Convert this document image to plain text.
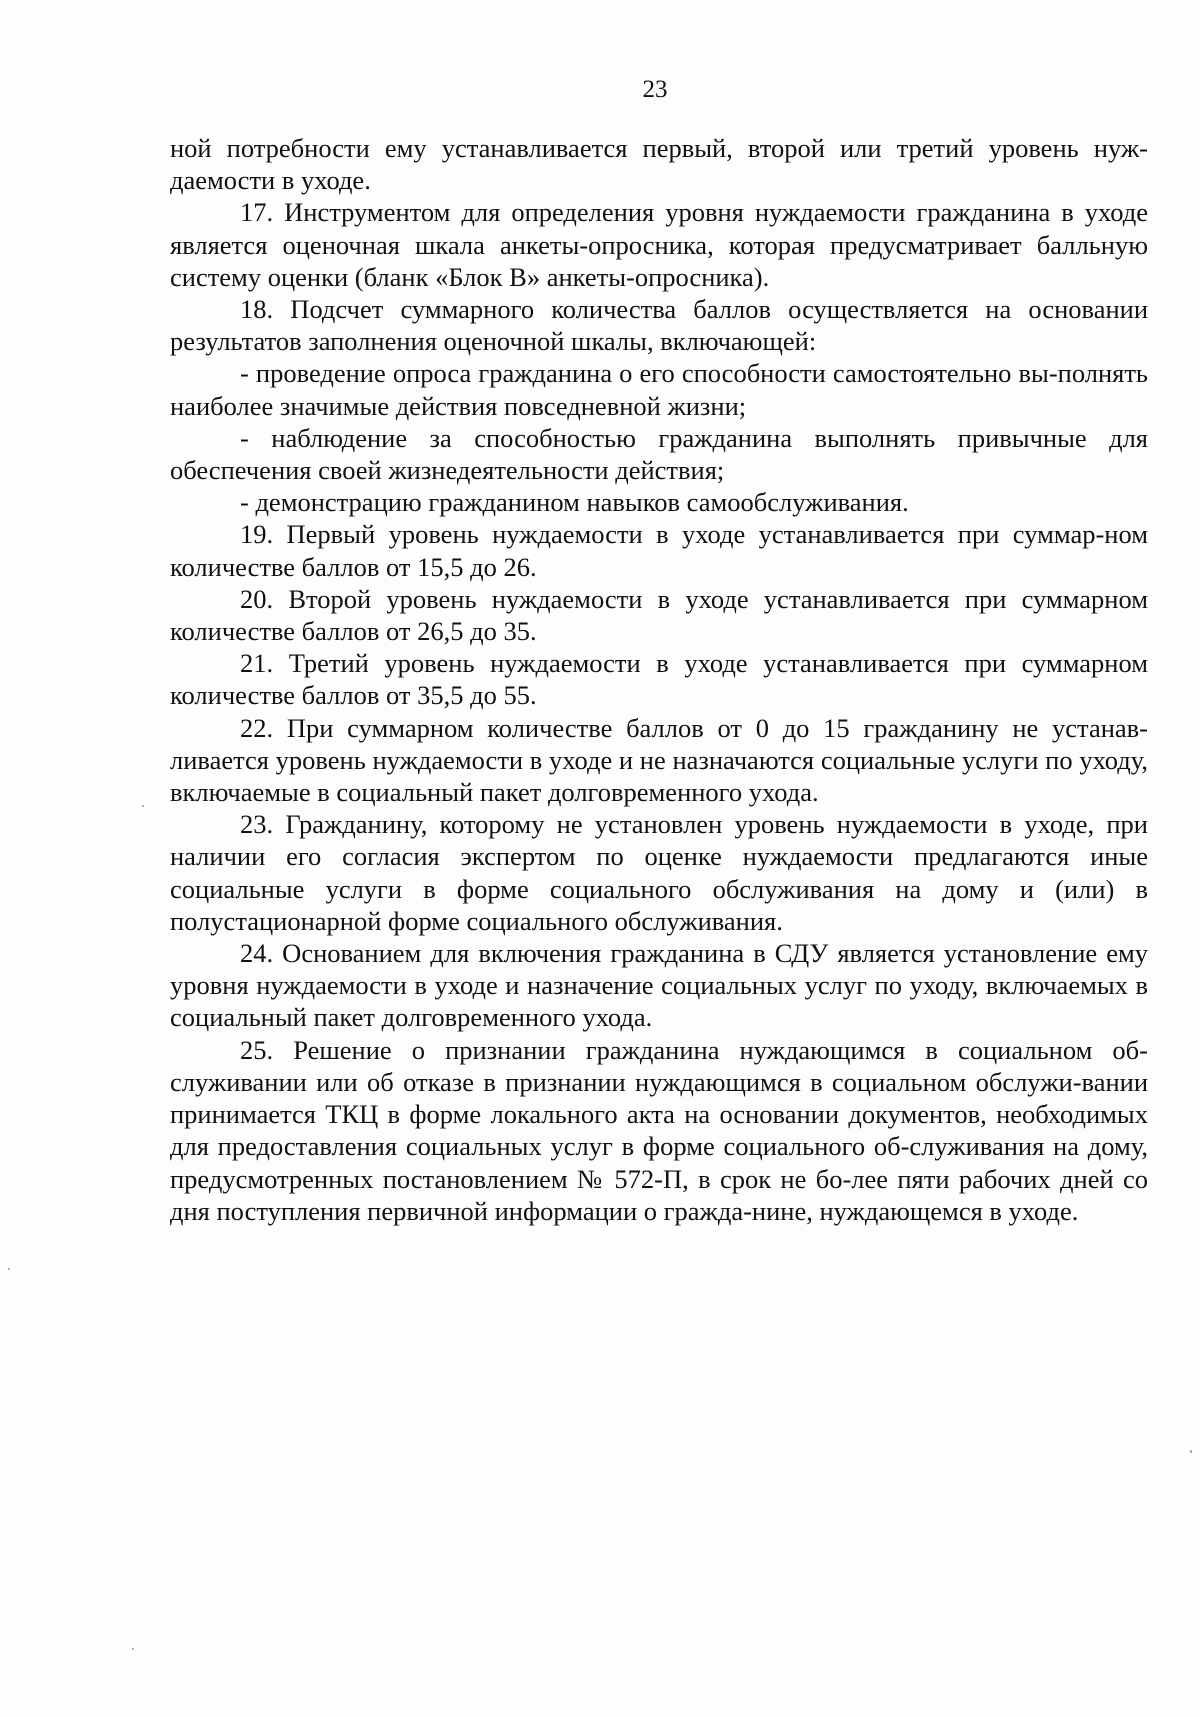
23

ной потребности ему устанавливается первый, второй или третий уровень нуж-даемости в уходе.

17. Инструментом для определения уровня нуждаемости гражданина в уходе является оценочная шкала анкеты-опросника, которая предусматривает балльную систему оценки (бланк «Блок В» анкеты-опросника).

18. Подсчет суммарного количества баллов осуществляется на основании результатов заполнения оценочной шкалы, включающей:

- проведение опроса гражданина о его способности самостоятельно вы-полнять наиболее значимые действия повседневной жизни;

- наблюдение за способностью гражданина выполнять привычные для обеспечения своей жизнедеятельности действия;

- демонстрацию гражданином навыков самообслуживания.

19. Первый уровень нуждаемости в уходе устанавливается при суммар-ном количестве баллов от 15,5 до 26.

20. Второй уровень нуждаемости в уходе устанавливается при суммарном количестве баллов от 26,5 до 35.

21. Третий уровень нуждаемости в уходе устанавливается при суммарном количестве баллов от 35,5 до 55.

22. При суммарном количестве баллов от 0 до 15 гражданину не устанав-ливается уровень нуждаемости в уходе и не назначаются социальные услуги по уходу, включаемые в социальный пакет долговременного ухода.

23. Гражданину, которому не установлен уровень нуждаемости в уходе, при наличии его согласия экспертом по оценке нуждаемости предлагаются иные социальные услуги в форме социального обслуживания на дому и (или) в полустационарной форме социального обслуживания.

24. Основанием для включения гражданина в СДУ является установление ему уровня нуждаемости в уходе и назначение социальных услуг по уходу, включаемых в социальный пакет долговременного ухода.

25. Решение о признании гражданина нуждающимся в социальном об-служивании или об отказе в признании нуждающимся в социальном обслужи-вании принимается ТКЦ в форме локального акта на основании документов, необходимых для предоставления социальных услуг в форме социального об-служивания на дому, предусмотренных постановлением № 572-П, в срок не бо-лее пяти рабочих дней со дня поступления первичной информации о гражда-нине, нуждающемся в уходе.
